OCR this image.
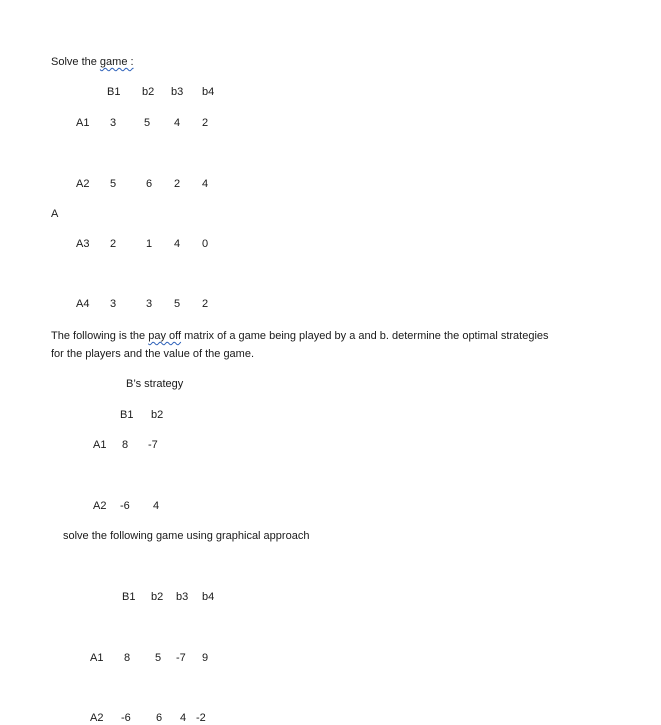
Solve the game :
B1 b2 b3 b4
A1 3	5 4 2
A2 5	6 2 4
A
A3 2	1 4 0
A4 3	3 5 2
The following is the pay off matrix of a game being played by a and b. determine the optimal strategies
for the players and the value of the game.
B’s strategy
B1 b2
A1 8 -7
A2 -6 4
solve the following game using graphical approach
B1 b2 b3 b4
A1 8 5 -7 9
A2 -6 6 4 -2
